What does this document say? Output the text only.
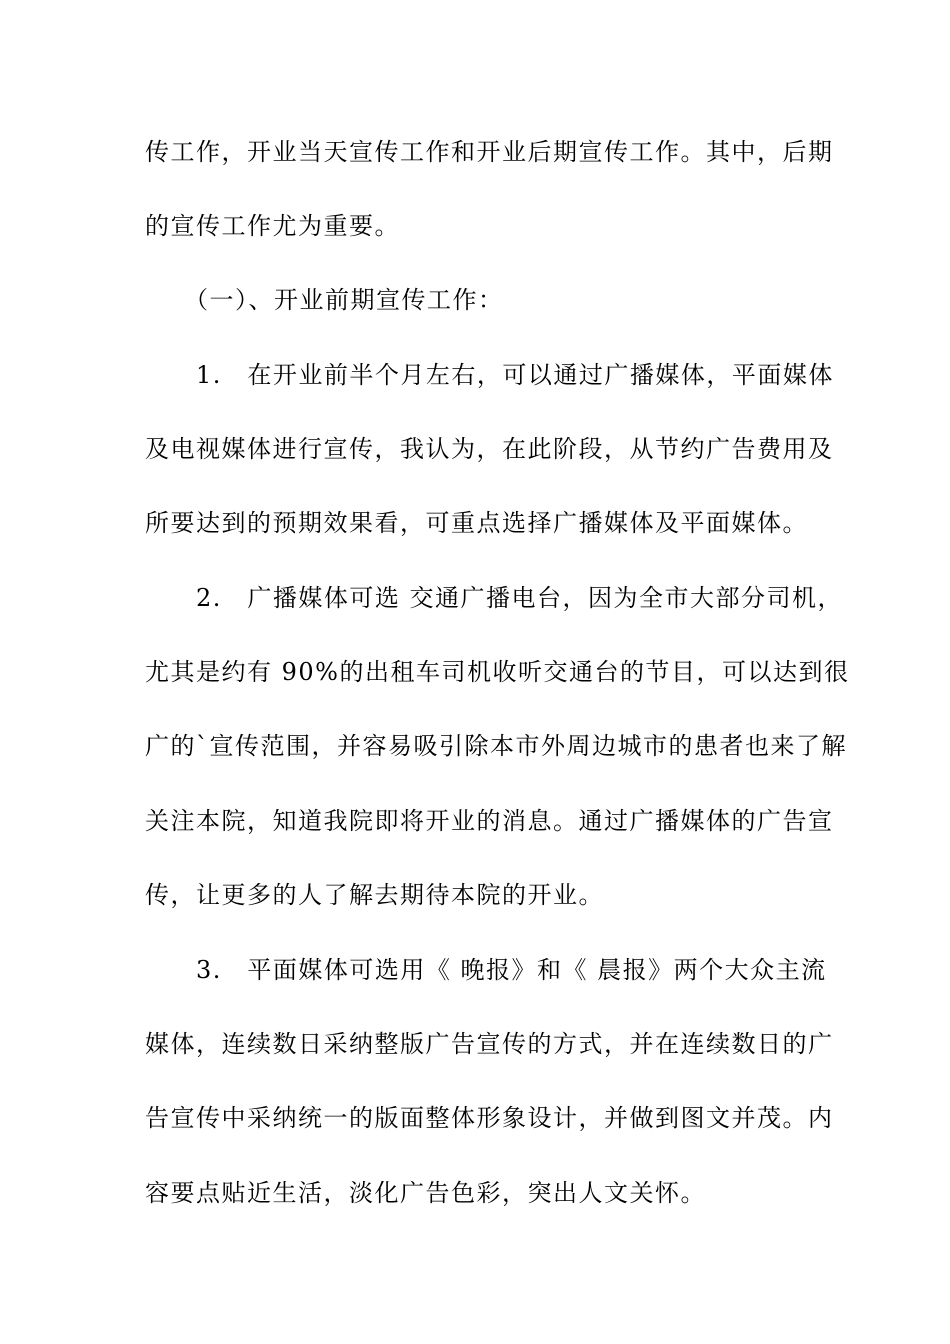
传工作，开业当天宣传工作和开业后期宣传工作。其中，后期
的宣传工作尤为重要。
　　（一）、开业前期宣传工作：
　　1.　在开业前半个月左右，可以通过广播媒体，平面媒体
及电视媒体进行宣传，我认为，在此阶段，从节约广告费用及
所要达到的预期效果看，可重点选择广播媒体及平面媒体。
　　2.　广播媒体可选 交通广播电台，因为全市大部分司机，
尤其是约有 90%的出租车司机收听交通台的节目，可以达到很
广的`宣传范围，并容易吸引除本市外周边城市的患者也来了解
关注本院，知道我院即将开业的消息。通过广播媒体的广告宣
传，让更多的人了解去期待本院的开业。
　　3.　平面媒体可选用《 晚报》和《 晨报》两个大众主流
媒体，连续数日采纳整版广告宣传的方式，并在连续数日的广
告宣传中采纳统一的版面整体形象设计，并做到图文并茂。内
容要点贴近生活，淡化广告色彩，突出人文关怀。
